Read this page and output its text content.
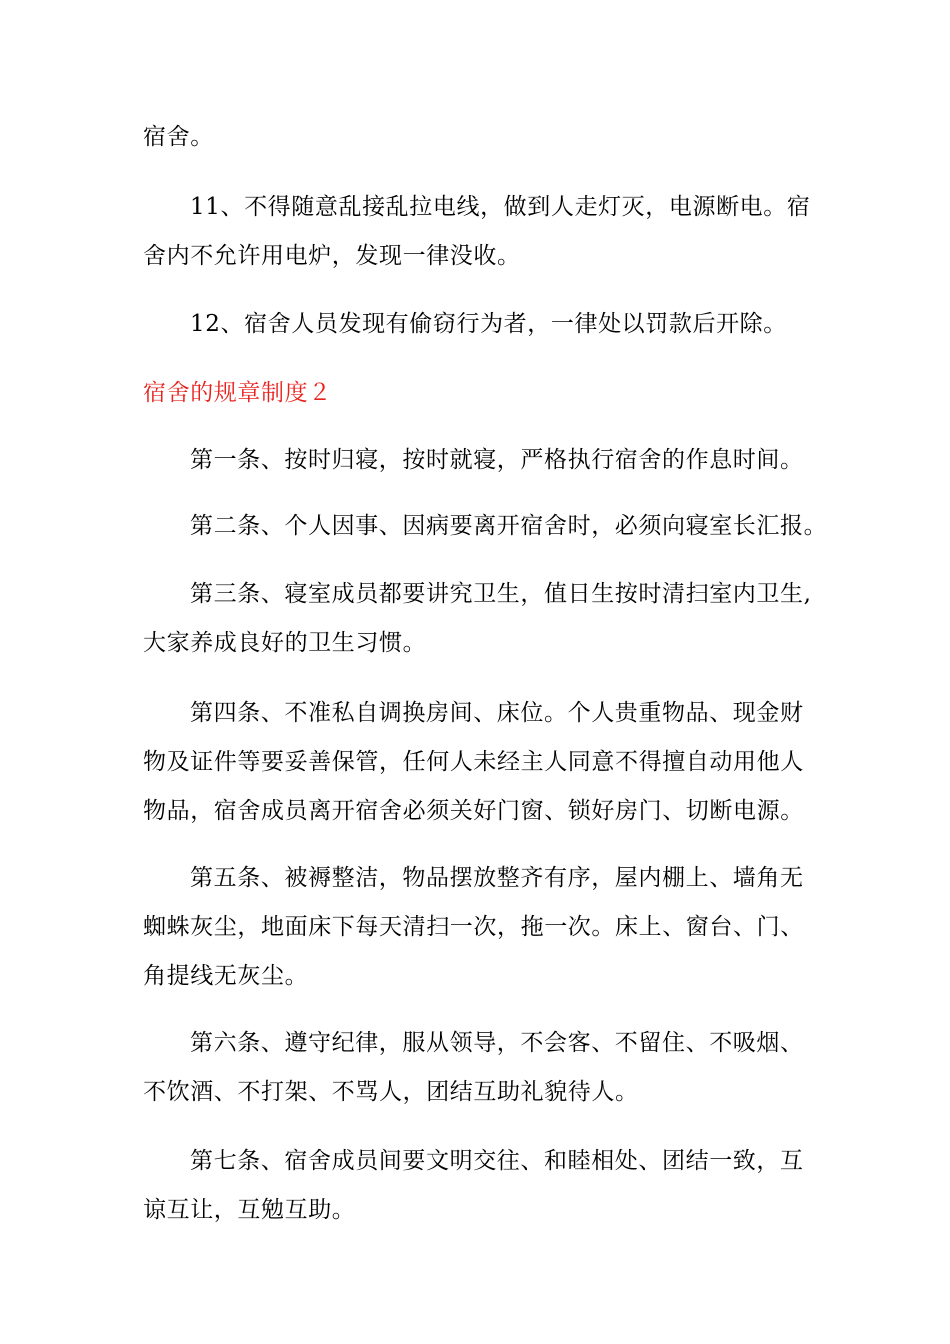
宿舍。

11、不得随意乱接乱拉电线，做到人走灯灭，电源断电。宿
舍内不允许用电炉，发现一律没收。

12、宿舍人员发现有偷窃行为者，一律处以罚款后开除。

宿舍的规章制度２

第一条、按时归寝，按时就寝，严格执行宿舍的作息时间。

第二条、个人因事、因病要离开宿舍时，必须向寝室长汇报。

第三条、寝室成员都要讲究卫生，值日生按时清扫室内卫生,
大家养成良好的卫生习惯。

第四条、不准私自调换房间、床位。个人贵重物品、现金财
物及证件等要妥善保管，任何人未经主人同意不得擅自动用他人
物品，宿舍成员离开宿舍必须关好门窗、锁好房门、切断电源。

第五条、被褥整洁，物品摆放整齐有序，屋内棚上、墙角无
蜘蛛灰尘，地面床下每天清扫一次，拖一次。床上、窗台、门、
角提线无灰尘。

第六条、遵守纪律，服从领导，不会客、不留住、不吸烟、
不饮酒、不打架、不骂人，团结互助礼貌待人。

第七条、宿舍成员间要文明交往、和睦相处、团结一致，互
谅互让，互勉互助。
